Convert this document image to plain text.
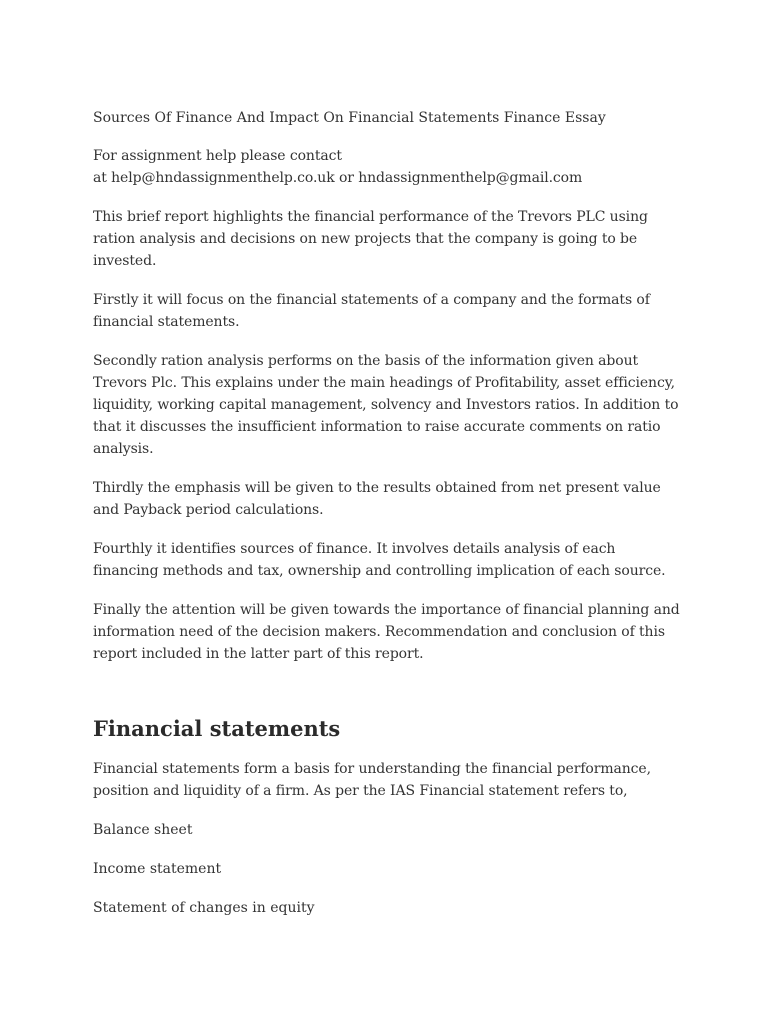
Sources Of Finance And Impact On Financial Statements Finance Essay

For assignment help please contact
at help@hndassignmenthelp.co.uk or hndassignmenthelp@gmail.com

This brief report highlights the financial performance of the Trevors PLC using ration analysis and decisions on new projects that the company is going to be invested.

Firstly it will focus on the financial statements of a company and the formats of financial statements.

Secondly ration analysis performs on the basis of the information given about Trevors Plc. This explains under the main headings of Profitability, asset efficiency, liquidity, working capital management, solvency and Investors ratios. In addition to that it discusses the insufficient information to raise accurate comments on ratio analysis.

Thirdly the emphasis will be given to the results obtained from net present value and Payback period calculations.

Fourthly it identifies sources of finance. It involves details analysis of each financing methods and tax, ownership and controlling implication of each source.

Finally the attention will be given towards the importance of financial planning and information need of the decision makers. Recommendation and conclusion of this report included in the latter part of this report.

Financial statements

Financial statements form a basis for understanding the financial performance, position and liquidity of a firm. As per the IAS Financial statement refers to,

Balance sheet
Income statement
Statement of changes in equity
